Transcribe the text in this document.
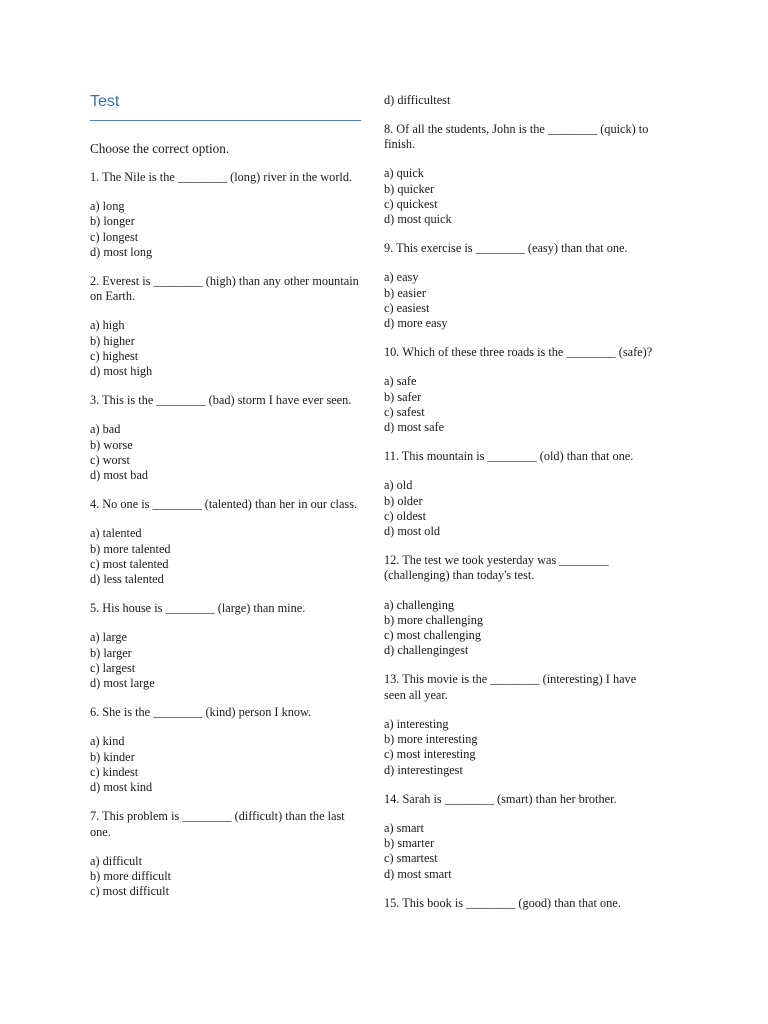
Test
Choose the correct option.
1. The Nile is the ________ (long) river in the world.
a) long
b) longer
c) longest
d) most long
2. Everest is ________ (high) than any other mountain on Earth.
a) high
b) higher
c) highest
d) most high
3. This is the ________ (bad) storm I have ever seen.
a) bad
b) worse
c) worst
d) most bad
4. No one is ________ (talented) than her in our class.
a) talented
b) more talented
c) most talented
d) less talented
5. His house is ________ (large) than mine.
a) large
b) larger
c) largest
d) most large
6. She is the ________ (kind) person I know.
a) kind
b) kinder
c) kindest
d) most kind
7. This problem is ________ (difficult) than the last one.
a) difficult
b) more difficult
c) most difficult
d) difficultest
8. Of all the students, John is the ________ (quick) to finish.
a) quick
b) quicker
c) quickest
d) most quick
9. This exercise is ________ (easy) than that one.
a) easy
b) easier
c) easiest
d) more easy
10. Which of these three roads is the ________ (safe)?
a) safe
b) safer
c) safest
d) most safe
11. This mountain is ________ (old) than that one.
a) old
b) older
c) oldest
d) most old
12. The test we took yesterday was ________ (challenging) than today's test.
a) challenging
b) more challenging
c) most challenging
d) challengingest
13. This movie is the ________ (interesting) I have seen all year.
a) interesting
b) more interesting
c) most interesting
d) interestingest
14. Sarah is ________ (smart) than her brother.
a) smart
b) smarter
c) smartest
d) most smart
15. This book is ________ (good) than that one.
